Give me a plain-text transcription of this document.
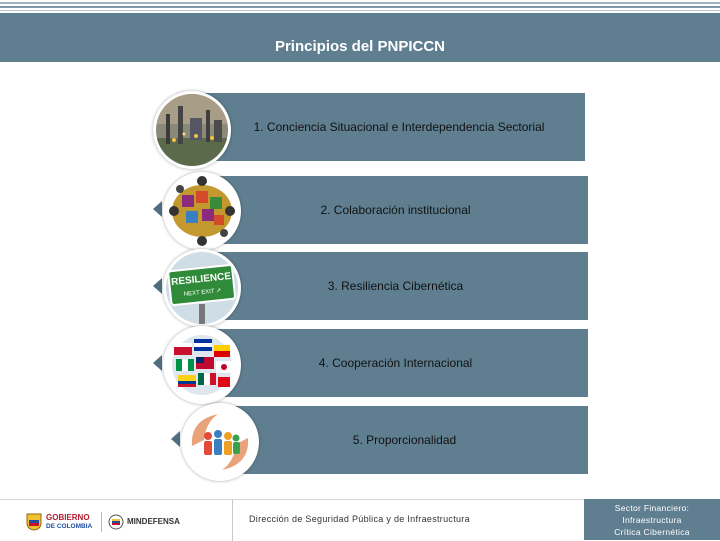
Principios del PNPICCN
1. Conciencia Situacional e Interdependencia Sectorial
2. Colaboración institucional
3. Resiliencia Cibernética
RESILIENCE
NEXT EXIT ↗
4. Cooperación Internacional
5. Proporcionalidad
GOBIERNO
DE COLOMBIA
MINDEFENSA	Dirección de Seguridad Pública y de Infraestructura
Sector Financiero:
Infraestructura
Crítica Cibernética
